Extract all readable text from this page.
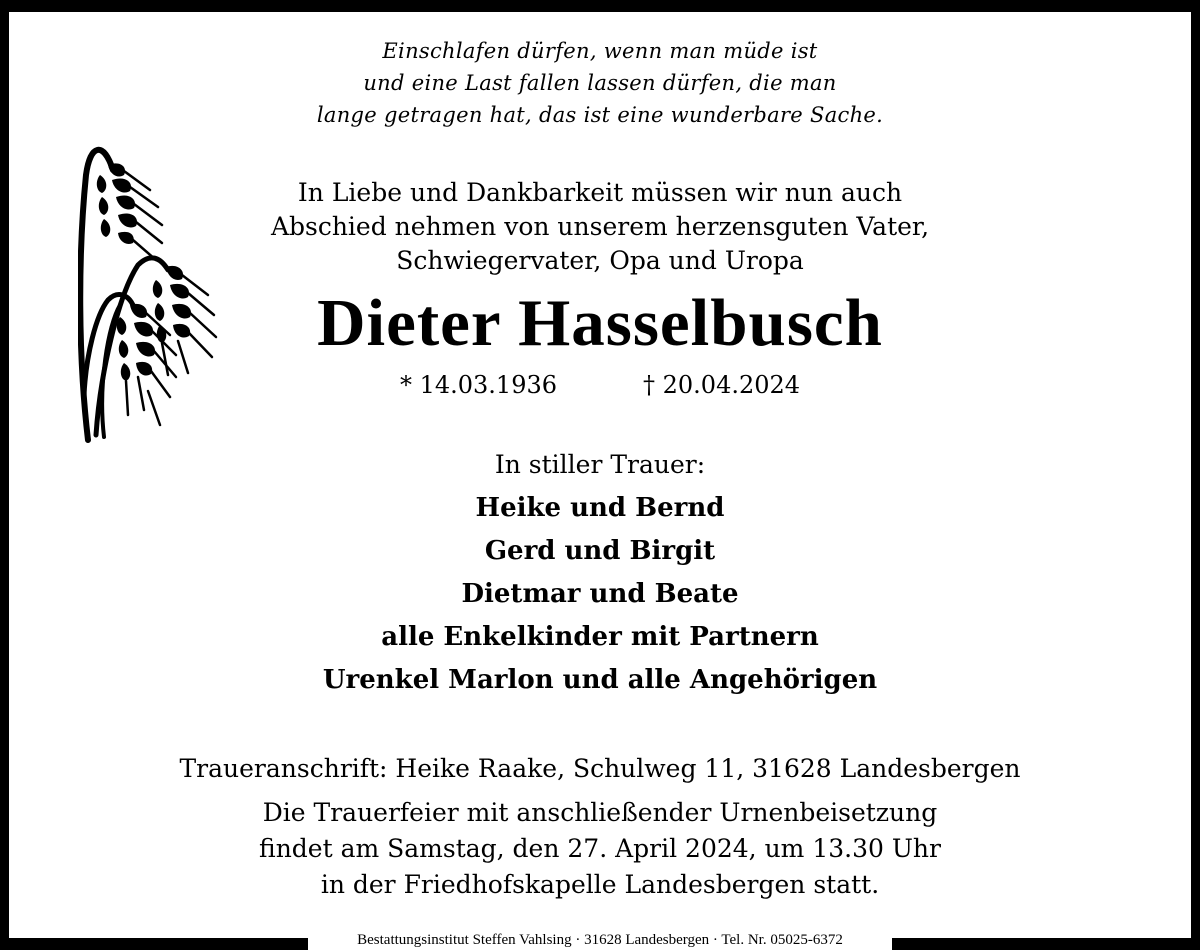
Einschlafen dürfen, wenn man müde ist
und eine Last fallen lassen dürfen, die man
lange getragen hat, das ist eine wunderbare Sache.
In Liebe und Dankbarkeit müssen wir nun auch
Abschied nehmen von unserem herzensguten Vater,
Schwiegervater, Opa und Uropa
Dieter Hasselbusch
* 14.03.1936	† 20.04.2024
In stiller Trauer:
Heike und Bernd
Gerd und Birgit
Dietmar und Beate
alle Enkelkinder mit Partnern
Urenkel Marlon und alle Angehörigen
Traueranschrift: Heike Raake, Schulweg 11, 31628 Landesbergen
Die Trauerfeier mit anschließender Urnenbeisetzung
findet am Samstag, den 27. April 2024, um 13.30 Uhr
in der Friedhofskapelle Landesbergen statt.
Bestattungsinstitut Steffen Vahlsing · 31628 Landesbergen · Tel. Nr. 05025-6372
